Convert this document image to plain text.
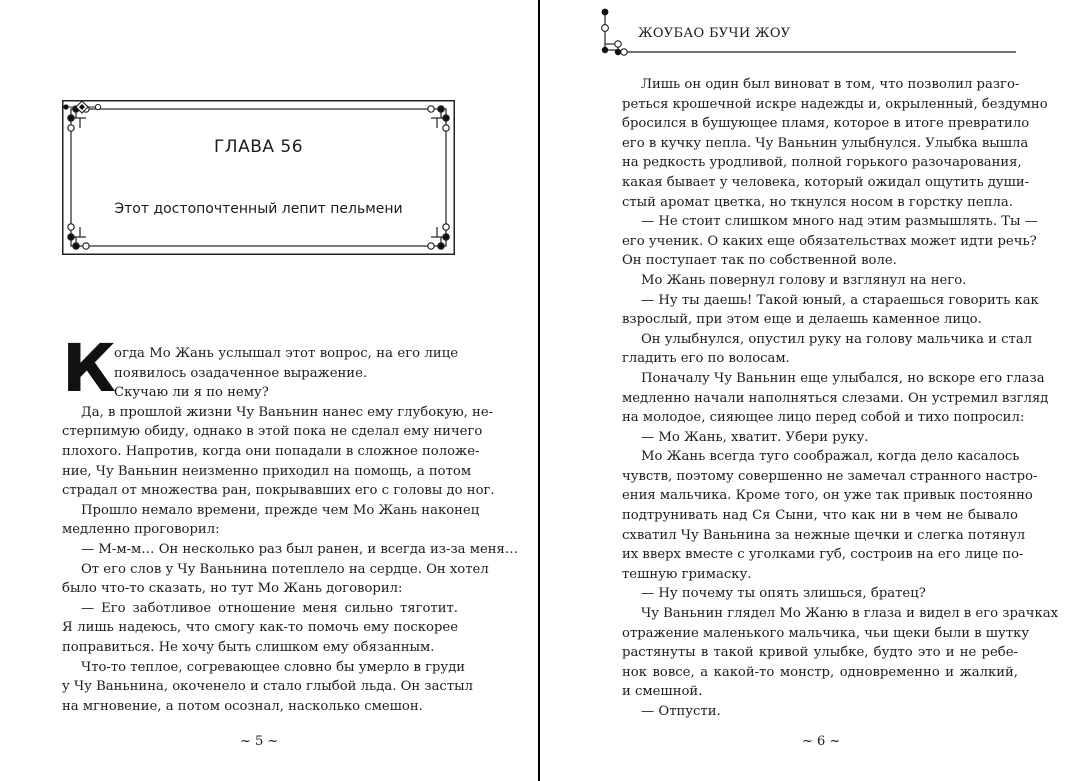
ГЛАВА 56
Этот достопочтенный лепит пельмени
К
огда Мо Жань услышал этот вопрос, на его лице
появилось озадаченное выражение.
Скучаю ли я по нему?
Да, в прошлой жизни Чу Ваньнин нанес ему глубокую, не-
стерпимую обиду, однако в этой пока не сделал ему ничего
плохого. Напротив, когда они попадали в сложное положе-
ние, Чу Ваньнин неизменно приходил на помощь, а потом
страдал от множества ран, покрывавших его с головы до ног.
Прошло немало времени, прежде чем Мо Жань наконец
медленно проговорил:
— М-м-м… Он несколько раз был ранен, и всегда из-за меня…
От его слов у Чу Ваньнина потеплело на сердце. Он хотел
было что-то сказать, но тут Мо Жань договорил:
— Его заботливое отношение меня сильно тяготит.
Я лишь надеюсь, что смогу как-то помочь ему поскорее
поправиться. Не хочу быть слишком ему обязанным.
Что-то теплое, согревающее словно бы умерло в груди
у Чу Ваньнина, окоченело и стало глыбой льда. Он застыл
на мгновение, а потом осознал, насколько смешон.
~ 5 ~
ЖОУБАО БУЧИ ЖОУ
Лишь он один был виноват в том, что позволил разго-
реться крошечной искре надежды и, окрыленный, бездумно
бросился в бушующее пламя, которое в итоге превратило
его в кучку пепла. Чу Ваньнин улыбнулся. Улыбка вышла
на редкость уродливой, полной горького разочарования,
какая бывает у человека, который ожидал ощутить души-
стый аромат цветка, но ткнулся носом в горстку пепла.
— Не стоит слишком много над этим размышлять. Ты —
его ученик. О каких еще обязательствах может идти речь?
Он поступает так по собственной воле.
Мо Жань повернул голову и взглянул на него.
— Ну ты даешь! Такой юный, а стараешься говорить как
взрослый, при этом еще и делаешь каменное лицо.
Он улыбнулся, опустил руку на голову мальчика и стал
гладить его по волосам.
Поначалу Чу Ваньнин еще улыбался, но вскоре его глаза
медленно начали наполняться слезами. Он устремил взгляд
на молодое, сияющее лицо перед собой и тихо попросил:
— Мо Жань, хватит. Убери руку.
Мо Жань всегда туго соображал, когда дело касалось
чувств, поэтому совершенно не замечал странного настро-
ения мальчика. Кроме того, он уже так привык постоянно
подтрунивать над Ся Сыни, что как ни в чем не бывало
схватил Чу Ваньнина за нежные щечки и слегка потянул
их вверх вместе с уголками губ, состроив на его лице по-
тешную гримаску.
— Ну почему ты опять злишься, братец?
Чу Ваньнин глядел Мо Жаню в глаза и видел в его зрачках
отражение маленького мальчика, чьи щеки были в шутку
растянуты в такой кривой улыбке, будто это и не ребе-
нок вовсе, а какой-то монстр, одновременно и жалкий,
и смешной.
— Отпусти.
~ 6 ~
